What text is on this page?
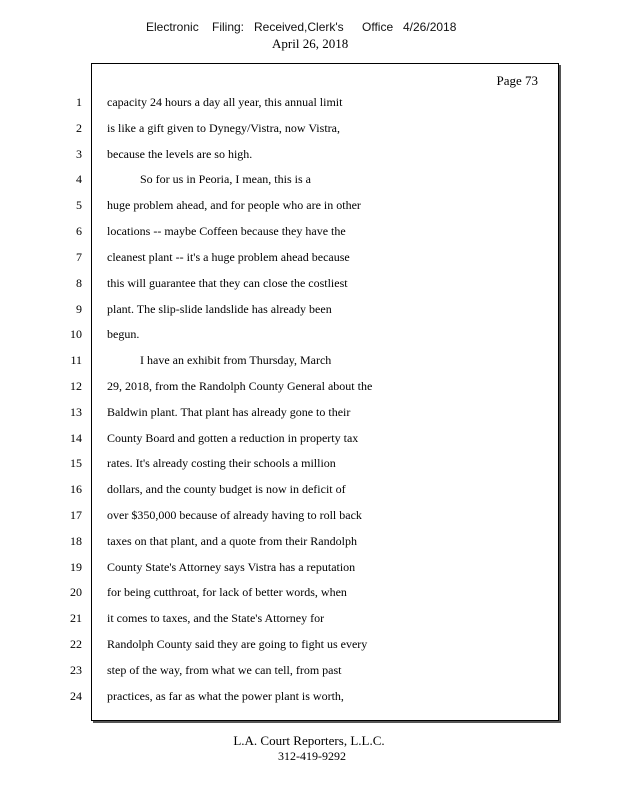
Electronic Filing: Received,Clerk's Office 4/26/2018
April 26, 2018
Page 73
1
2
3
4
5
6
7
8
9
10
11
12
13
14
15
16
17
18
19
20
21
22
23
24
capacity 24 hours a day all year, this annual limit
is like a gift given to Dynegy/Vistra, now Vistra,
because the levels are so high.
So for us in Peoria, I mean, this is a
huge problem ahead, and for people who are in other
locations -- maybe Coffeen because they have the
cleanest plant -- it's a huge problem ahead because
this will guarantee that they can close the costliest
plant. The slip-slide landslide has already been
begun.
I have an exhibit from Thursday, March
29, 2018, from the Randolph County General about the
Baldwin plant. That plant has already gone to their
County Board and gotten a reduction in property tax
rates. It's already costing their schools a million
dollars, and the county budget is now in deficit of
over $350,000 because of already having to roll back
taxes on that plant, and a quote from their Randolph
County State's Attorney says Vistra has a reputation
for being cutthroat, for lack of better words, when
it comes to taxes, and the State's Attorney for
Randolph County said they are going to fight us every
step of the way, from what we can tell, from past
practices, as far as what the power plant is worth,
L.A. Court Reporters, L.L.C.
312-419-9292
